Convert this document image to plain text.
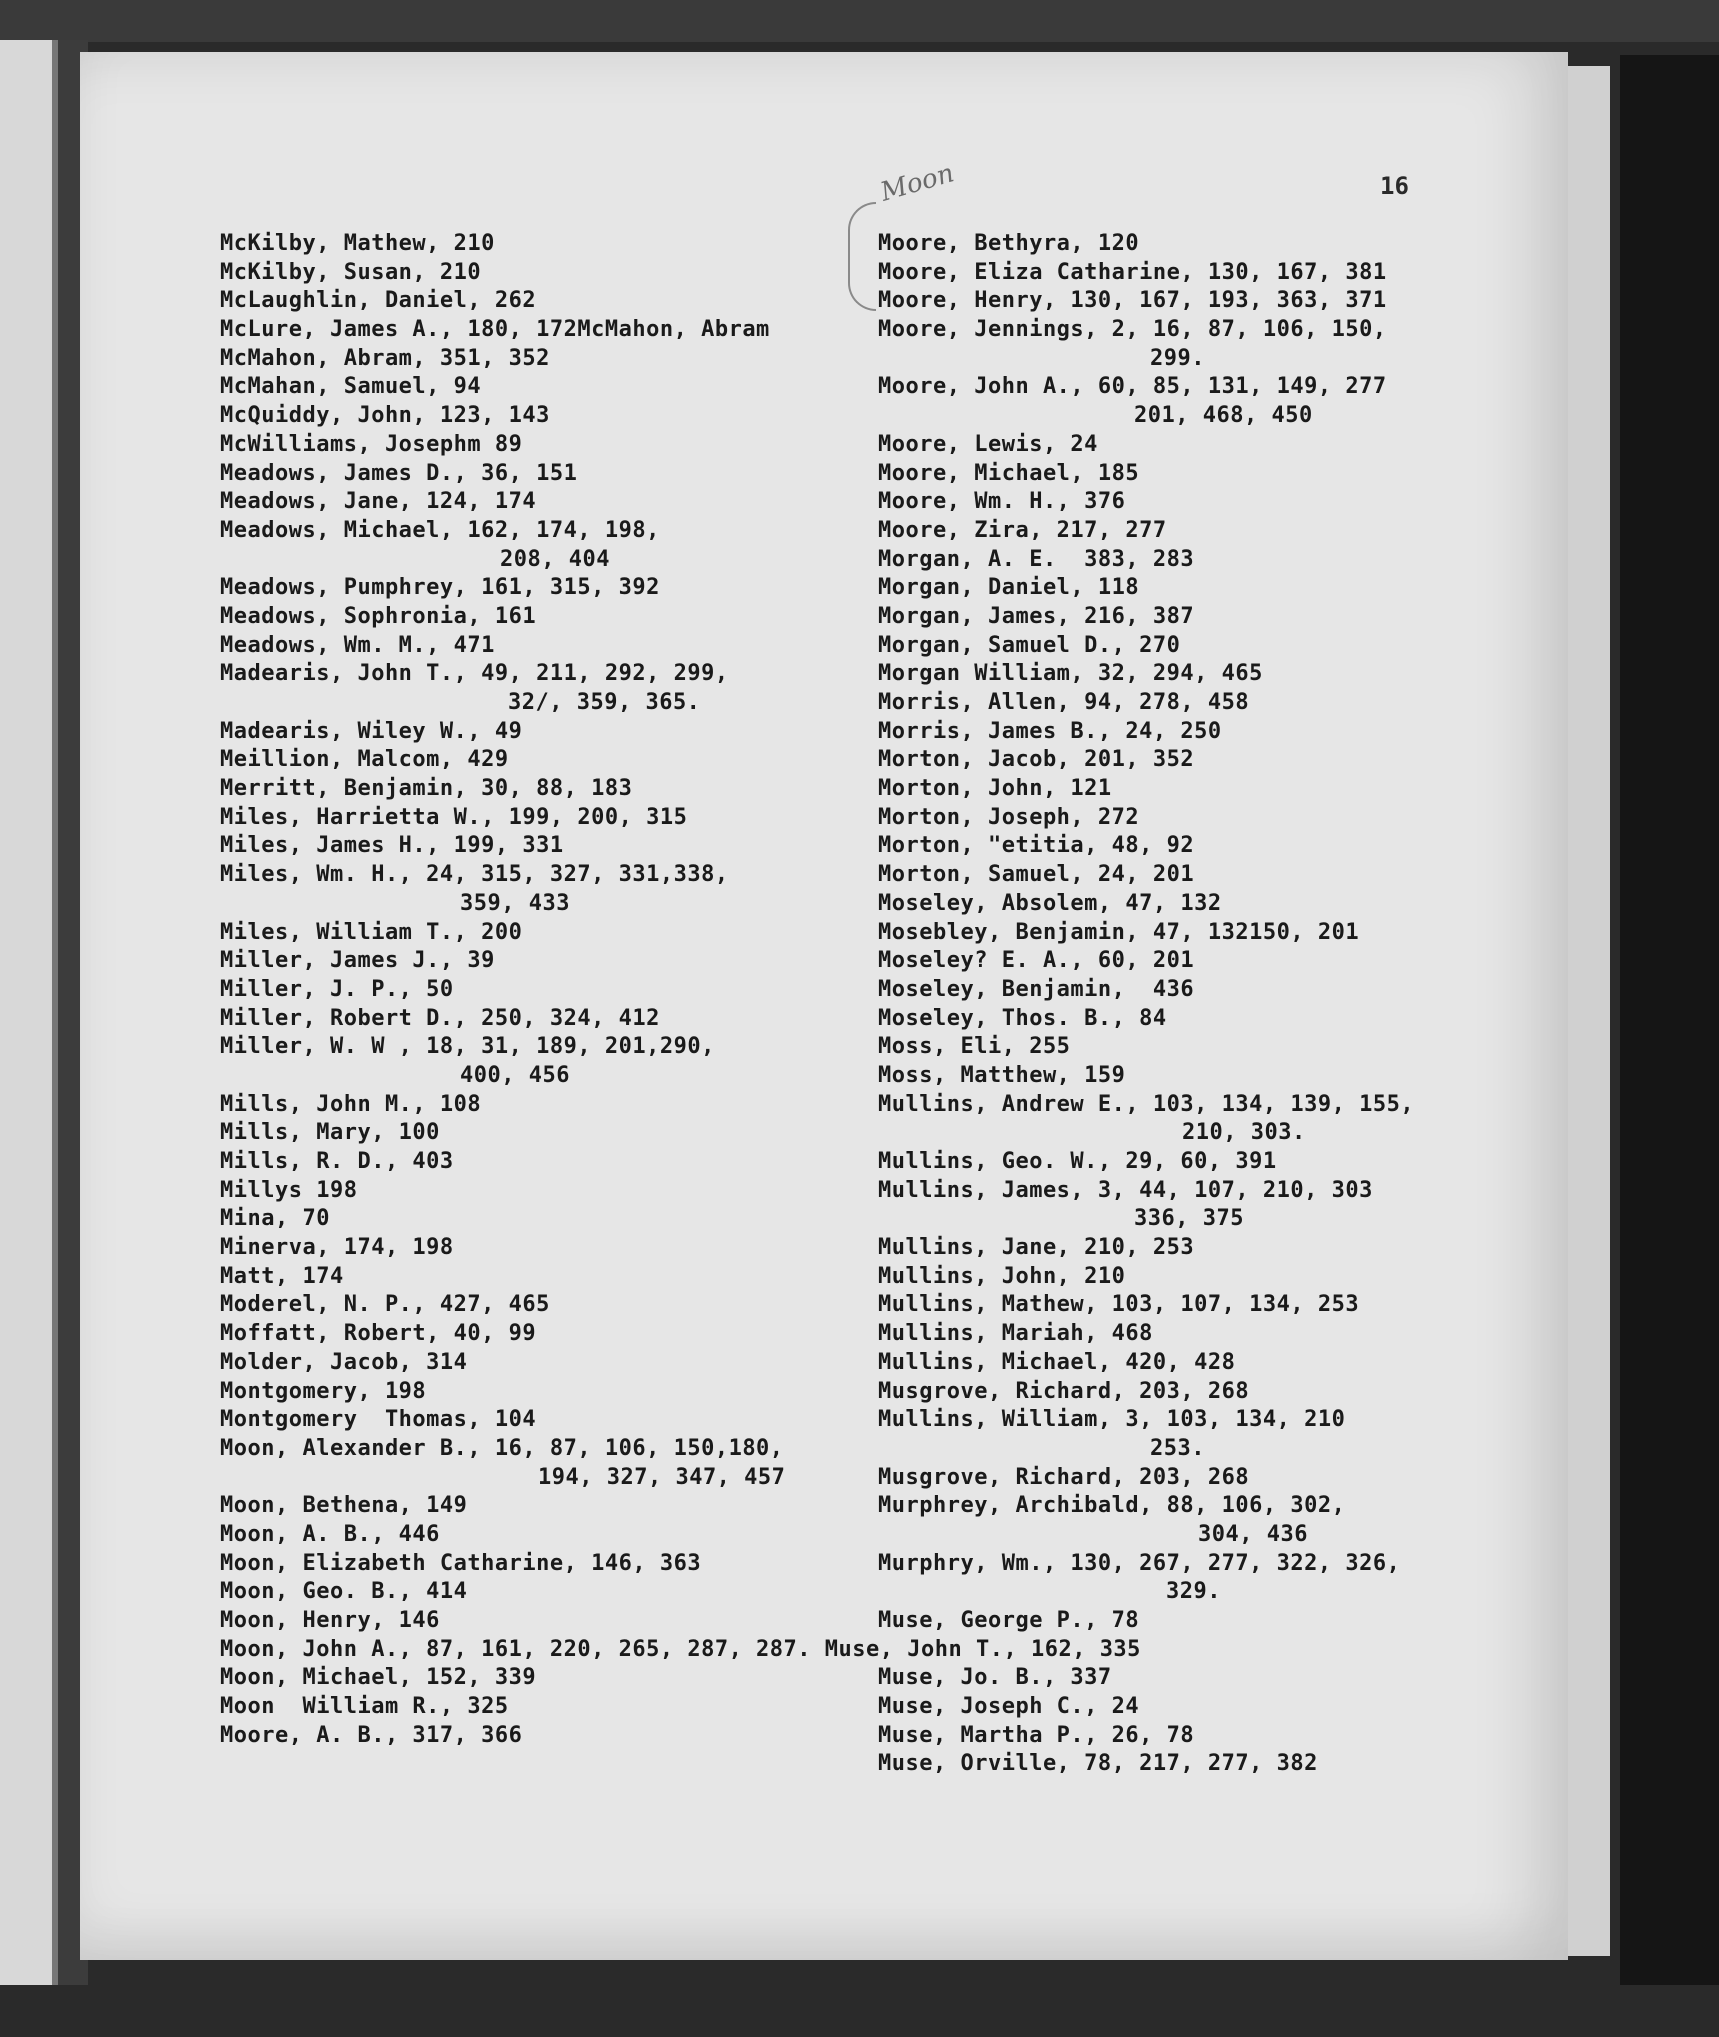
16
Moon
McKilby, Mathew, 210
McKilby, Susan, 210
McLaughlin, Daniel, 262
McLure, James A., 180, 172McMahon, Abram
McMahon, Abram, 351, 352
McMahan, Samuel, 94
McQuiddy, John, 123, 143
McWilliams, Josephm 89
Meadows, James D., 36, 151
Meadows, Jane, 124, 174
Meadows, Michael, 162, 174, 198,
208, 404
Meadows, Pumphrey, 161, 315, 392
Meadows, Sophronia, 161
Meadows, Wm. M., 471
Madearis, John T., 49, 211, 292, 299,
32/, 359, 365.
Madearis, Wiley W., 49
Meillion, Malcom, 429
Merritt, Benjamin, 30, 88, 183
Miles, Harrietta W., 199, 200, 315
Miles, James H., 199, 331
Miles, Wm. H., 24, 315, 327, 331,338,
359, 433
Miles, William T., 200
Miller, James J., 39
Miller, J. P., 50
Miller, Robert D., 250, 324, 412
Miller, W. W , 18, 31, 189, 201,290,
400, 456
Mills, John M., 108
Mills, Mary, 100
Mills, R. D., 403
Millys 198
Mina, 70
Minerva, 174, 198
Matt, 174
Moderel, N. P., 427, 465
Moffatt, Robert, 40, 99
Molder, Jacob, 314
Montgomery, 198
Montgomery  Thomas, 104
Moon, Alexander B., 16, 87, 106, 150,180,
194, 327, 347, 457
Moon, Bethena, 149
Moon, A. B., 446
Moon, Elizabeth Catharine, 146, 363
Moon, Geo. B., 414
Moon, Henry, 146
Moon, John A., 87, 161, 220, 265, 287, 287. Muse, John T., 162, 335
Moon, Michael, 152, 339
Moon  William R., 325
Moore, A. B., 317, 366
Moore, Bethyra, 120
Moore, Eliza Catharine, 130, 167, 381
Moore, Henry, 130, 167, 193, 363, 371
Moore, Jennings, 2, 16, 87, 106, 150,
299.
Moore, John A., 60, 85, 131, 149, 277
201, 468, 450
Moore, Lewis, 24
Moore, Michael, 185
Moore, Wm. H., 376
Moore, Zira, 217, 277
Morgan, A. E.  383, 283
Morgan, Daniel, 118
Morgan, James, 216, 387
Morgan, Samuel D., 270
Morgan William, 32, 294, 465
Morris, Allen, 94, 278, 458
Morris, James B., 24, 250
Morton, Jacob, 201, 352
Morton, John, 121
Morton, Joseph, 272
Morton, "etitia, 48, 92
Morton, Samuel, 24, 201
Moseley, Absolem, 47, 132
Mosebley, Benjamin, 47, 132150, 201
Moseley? E. A., 60, 201
Moseley, Benjamin,  436
Moseley, Thos. B., 84
Moss, Eli, 255
Moss, Matthew, 159
Mullins, Andrew E., 103, 134, 139, 155,
210, 303.
Mullins, Geo. W., 29, 60, 391
Mullins, James, 3, 44, 107, 210, 303
336, 375
Mullins, Jane, 210, 253
Mullins, John, 210
Mullins, Mathew, 103, 107, 134, 253
Mullins, Mariah, 468
Mullins, Michael, 420, 428
Musgrove, Richard, 203, 268
Mullins, William, 3, 103, 134, 210
253.
Musgrove, Richard, 203, 268
Murphrey, Archibald, 88, 106, 302,
304, 436
Murphry, Wm., 130, 267, 277, 322, 326,
329.
Muse, George P., 78
Muse, Jo. B., 337
Muse, Joseph C., 24
Muse, Martha P., 26, 78
Muse, Orville, 78, 217, 277, 382
